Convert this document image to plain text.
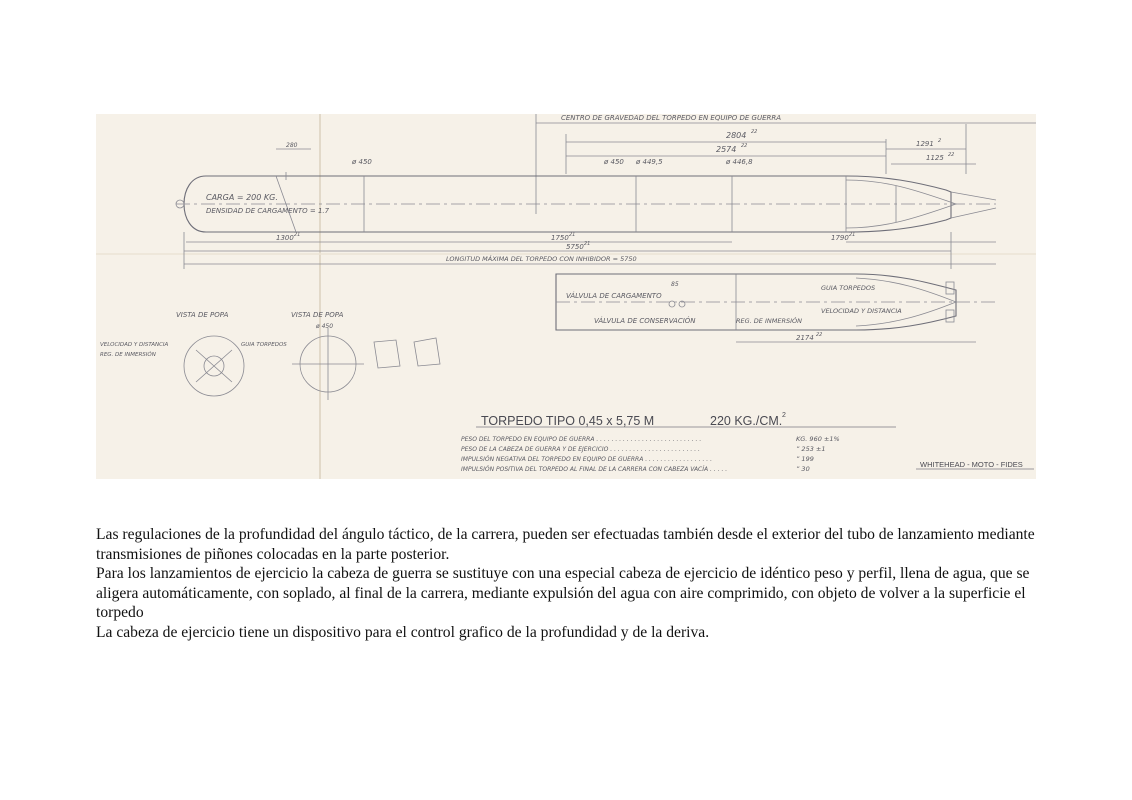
CENTRO DE GRAVEDAD DEL TORPEDO EN EQUIPO DE GUERRA
2804 22
2574 22	1291 2
1125 22
280
ø 450	ø 450 ø 449,5	ø 446,8
CARGA = 200 KG.
DENSIDAD DE CARGAMENTO = 1.7
1300 21	1750 21
5750 21
1790 21
LONGITUD MÁXIMA DEL TORPEDO CON INHIBIDOR = 5750
VÁLVULA DE CARGAMENTO
85
VÁLVULA DE CONSERVACIÓN	REG. DE INMERSIÓN
GUIA TORPEDOS
VELOCIDAD Y DISTANCIA
2174 22
VISTA DE POPA	VISTA DE POPA
VELOCIDAD Y DISTANCIA
REG. DE INMERSIÓN
GUIA TORPEDOS
ø 450
TORPEDO TIPO 0,45 x 5,75 M	220 KG./CM. 2
PESO DEL TORPEDO EN EQUIPO DE GUERRA . . . . . . . . . . . . . . . . . . . . . . . . . . . .	KG. 960 ±1%
PESO DE LA CABEZA DE GUERRA Y DE EJERCICIO . . . . . . . . . . . . . . . . . . . . . . . .	” 253 ±1
IMPULSIÓN NEGATIVA DEL TORPEDO EN EQUIPO DE GUERRA . . . . . . . . . . . . . . . . . .	” 199
IMPULSIÓN POSITIVA DEL TORPEDO AL FINAL DE LA CARRERA CON CABEZA VACÍA . . . . .	” 30	WHITEHEAD - MOTO - FIDES

Las regulaciones de la profundidad del ángulo táctico, de la carrera, pueden ser efectuadas también desde el exterior del tubo de lanzamiento mediante transmisiones de piñones colocadas en la parte posterior.

Para los lanzamientos de ejercicio la cabeza de guerra se sustituye con una especial cabeza de ejercicio de idéntico peso y perfil, llena de agua, que se aligera automáticamente, con soplado, al final de la carrera, mediante expulsión del agua con aire comprimido, con objeto de volver a la superficie el torpedo

La cabeza de ejercicio tiene un dispositivo para el control grafico de la profundidad y de la deriva.
